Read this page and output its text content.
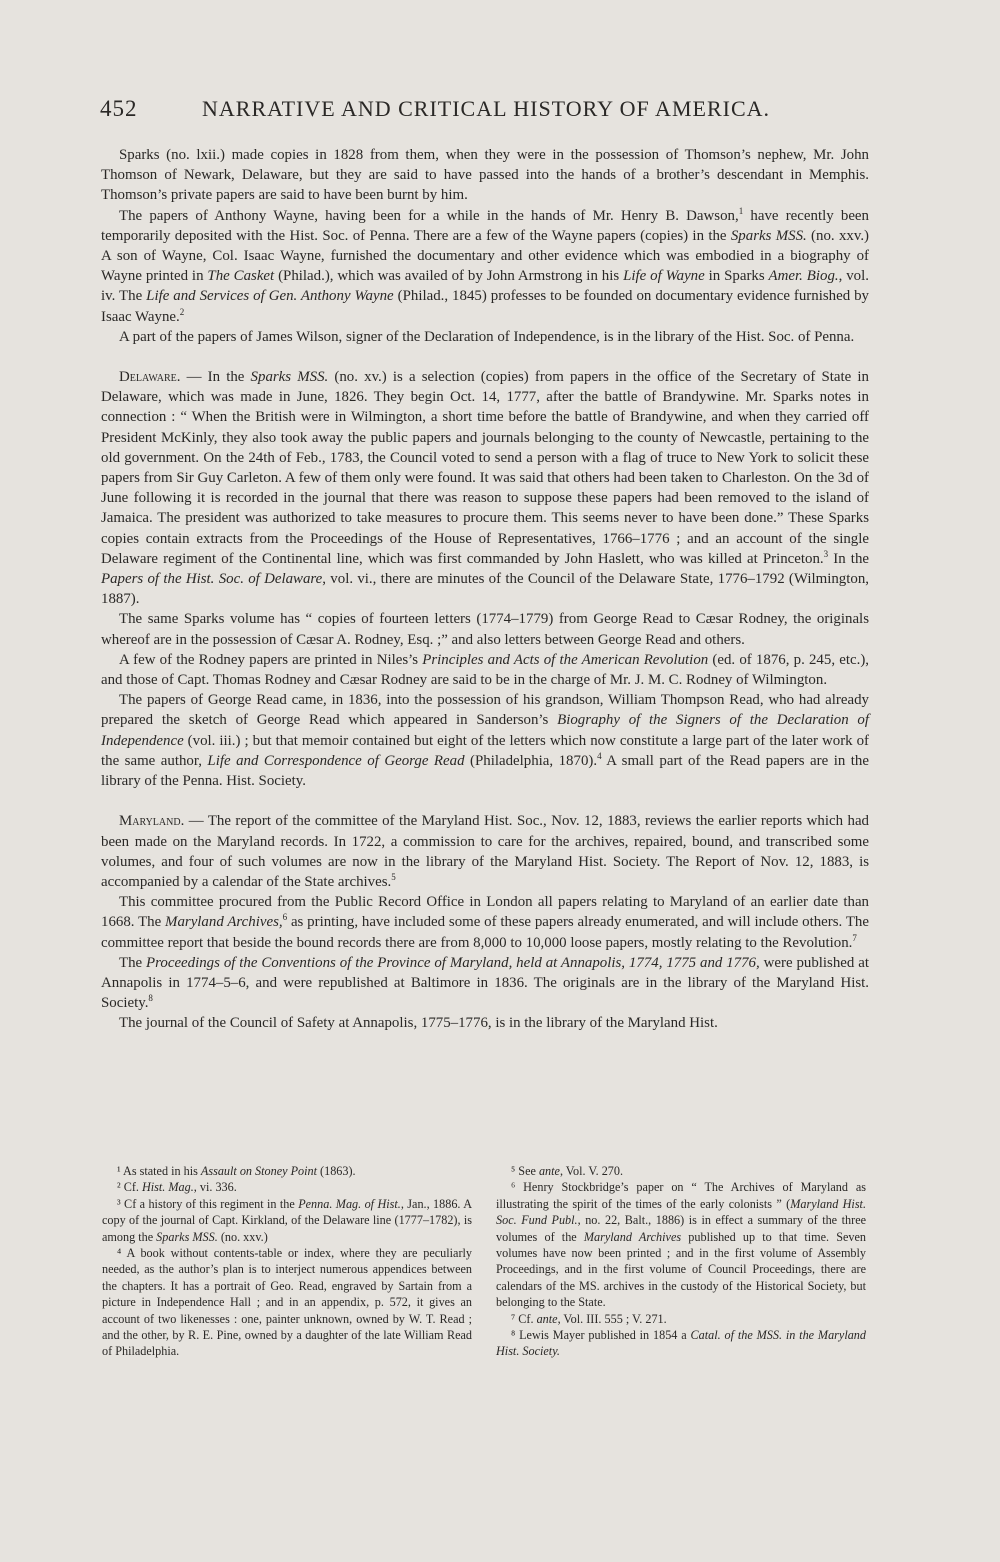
452	NARRATIVE AND CRITICAL HISTORY OF AMERICA.

Sparks (no. lxii.) made copies in 1828 from them, when they were in the possession of Thomson’s nephew, Mr. John Thomson of Newark, Delaware, but they are said to have passed into the hands of a brother’s descendant in Memphis. Thomson’s private papers are said to have been burnt by him.

The papers of Anthony Wayne, having been for a while in the hands of Mr. Henry B. Dawson,$^1$ have recently been temporarily deposited with the Hist. Soc. of Penna. There are a few of the Wayne papers (copies) in the Sparks MSS. (no. xxv.) A son of Wayne, Col. Isaac Wayne, furnished the documentary and other evidence which was embodied in a biography of Wayne printed in The Casket (Philad.), which was availed of by John Armstrong in his Life of Wayne in Sparks Amer. Biog., vol. iv. The Life and Services of Gen. Anthony Wayne (Philad., 1845) professes to be founded on documentary evidence furnished by Isaac Wayne.$^2$

A part of the papers of James Wilson, signer of the Declaration of Independence, is in the library of the Hist. Soc. of Penna.

Delaware. — In the Sparks MSS. (no. xv.) is a selection (copies) from papers in the office of the Secretary of State in Delaware, which was made in June, 1826. They begin Oct. 14, 1777, after the battle of Brandywine. Mr. Sparks notes in connection : “ When the British were in Wilmington, a short time before the battle of Brandywine, and when they carried off President McKinly, they also took away the public papers and journals belonging to the county of Newcastle, pertaining to the old government. On the 24th of Feb., 1783, the Council voted to send a person with a flag of truce to New York to solicit these papers from Sir Guy Carleton. A few of them only were found. It was said that others had been taken to Charleston. On the 3d of June following it is recorded in the journal that there was reason to suppose these papers had been removed to the island of Jamaica. The president was authorized to take measures to procure them. This seems never to have been done.” These Sparks copies contain extracts from the Proceedings of the House of Representatives, 1766–1776 ; and an account of the single Delaware regiment of the Continental line, which was first commanded by John Haslett, who was killed at Princeton.$^3$ In the Papers of the Hist. Soc. of Delaware, vol. vi., there are minutes of the Council of the Delaware State, 1776–1792 (Wilmington, 1887).

The same Sparks volume has “ copies of fourteen letters (1774–1779) from George Read to Cæsar Rodney, the originals whereof are in the possession of Cæsar A. Rodney, Esq. ;” and also letters between George Read and others.

A few of the Rodney papers are printed in Niles’s Principles and Acts of the American Revolution (ed. of 1876, p. 245, etc.), and those of Capt. Thomas Rodney and Cæsar Rodney are said to be in the charge of Mr. J. M. C. Rodney of Wilmington.

The papers of George Read came, in 1836, into the possession of his grandson, William Thompson Read, who had already prepared the sketch of George Read which appeared in Sanderson’s Biography of the Signers of the Declaration of Independence (vol. iii.) ; but that memoir contained but eight of the letters which now constitute a large part of the later work of the same author, Life and Correspondence of George Read (Philadelphia, 1870).$^4$ A small part of the Read papers are in the library of the Penna. Hist. Society.

Maryland. — The report of the committee of the Maryland Hist. Soc., Nov. 12, 1883, reviews the earlier reports which had been made on the Maryland records. In 1722, a commission to care for the archives, repaired, bound, and transcribed some volumes, and four of such volumes are now in the library of the Maryland Hist. Society. The Report of Nov. 12, 1883, is accompanied by a calendar of the State archives.$^5$

This committee procured from the Public Record Office in London all papers relating to Maryland of an earlier date than 1668. The Maryland Archives,$^6$ as printing, have included some of these papers already enumerated, and will include others. The committee report that beside the bound records there are from 8,000 to 10,000 loose papers, mostly relating to the Revolution.$^7$

The Proceedings of the Conventions of the Province of Maryland, held at Annapolis, 1774, 1775 and 1776, were published at Annapolis in 1774–5–6, and were republished at Baltimore in 1836. The originals are in the library of the Maryland Hist. Society.$^8$

The journal of the Council of Safety at Annapolis, 1775–1776, is in the library of the Maryland Hist.

¹ As stated in his Assault on Stoney Point (1863).

² Cf. Hist. Mag., vi. 336.

³ Cf a history of this regiment in the Penna. Mag. of Hist., Jan., 1886. A copy of the journal of Capt. Kirkland, of the Delaware line (1777–1782), is among the Sparks MSS. (no. xxv.)

⁴ A book without contents-table or index, where they are peculiarly needed, as the author’s plan is to interject numerous appendices between the chapters. It has a portrait of Geo. Read, engraved by Sartain from a picture in Independence Hall ; and in an appendix, p. 572, it gives an account of two likenesses : one, painter unknown, owned by W. T. Read ; and the other, by R. E. Pine, owned by a daughter of the late William Read of Philadelphia.

⁵ See ante, Vol. V. 270.

⁶ Henry Stockbridge’s paper on “ The Archives of Maryland as illustrating the spirit of the times of the early colonists ” (Maryland Hist. Soc. Fund Publ., no. 22, Balt., 1886) is in effect a summary of the three volumes of the Maryland Archives published up to that time. Seven volumes have now been printed ; and in the first volume of Assembly Proceedings, and in the first volume of Council Proceedings, there are calendars of the MS. archives in the custody of the Historical Society, but belonging to the State.

⁷ Cf. ante, Vol. III. 555 ; V. 271.

⁸ Lewis Mayer published in 1854 a Catal. of the MSS. in the Maryland Hist. Society.
